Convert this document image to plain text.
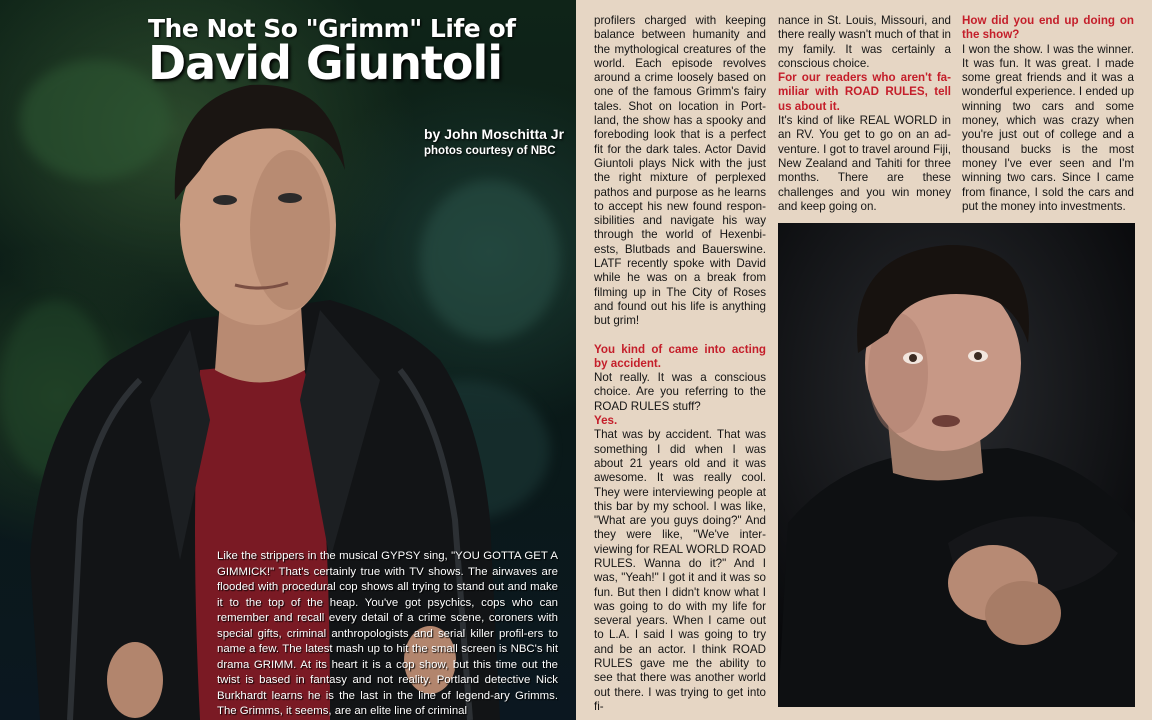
The Not So "Grimm" Life of
David Giuntoli
by John Moschitta Jr
photos courtesy of NBC
Like the strippers in the musical GYPSY sing, "YOU GOTTA GET A GIMMICK!" That's certainly true with TV shows. The airwaves are flooded with procedural cop shows all trying to stand out and make it to the top of the heap. You've got psychics, cops who can remember and recall every detail of a crime scene, coroners with special gifts, criminal anthropologists and serial killer profil-ers to name a few. The latest mash up to hit the small screen is NBC's hit drama GRIMM. At its heart it is a cop show, but this time out the twist is based in fantasy and not reality. Portland detective Nick Burkhardt learns he is the last in the line of legend-ary Grimms. The Grimms, it seems, are an elite line of criminal

profilers charged with keeping balance between humanity and the mythological creatures of the world. Each episode revolves around a crime loosely based on one of the famous Grimm's fairy tales. Shot on location in Port-land, the show has a spooky and foreboding look that is a perfect fit for the dark tales. Actor David Giuntoli plays Nick with the just the right mixture of perplexed pathos and purpose as he learns to accept his new found respon-sibilities and navigate his way through the world of Hexenbi-ests, Blutbads and Bauerswine. LATF recently spoke with David while he was on a break from filming up in The City of Roses and found out his life is anything but grim!

You kind of came into acting by accident.

Not really. It was a conscious choice. Are you referring to the ROAD RULES stuff?

Yes.

That was by accident. That was something I did when I was about 21 years old and it was awesome. It was really cool. They were interviewing people at this bar by my school. I was like, "What are you guys doing?" And they were like, "We've inter-viewing for REAL WORLD ROAD RULES. Wanna do it?" And I was, "Yeah!" I got it and it was so fun. But then I didn't know what I was going to do with my life for several years. When I came out to L.A. I said I was going to try and be an actor. I think ROAD RULES gave me the ability to see that there was another world out there. I was trying to get into fi-

nance in St. Louis, Missouri, and there really wasn't much of that in my family. It was certainly a conscious choice.

For our readers who aren't fa-miliar with ROAD RULES, tell us about it.

It's kind of like REAL WORLD in an RV. You get to go on an ad-venture. I got to travel around Fiji, New Zealand and Tahiti for three months. There are these challenges and you win money and keep going on.

How did you end up doing on the show?

I won the show. I was the winner. It was fun. It was great. I made some great friends and it was a wonderful experience. I ended up winning two cars and some money, which was crazy when you're just out of college and a thousand bucks is the most money I've ever seen and I'm winning two cars. Since I came from finance, I sold the cars and put the money into investments.
